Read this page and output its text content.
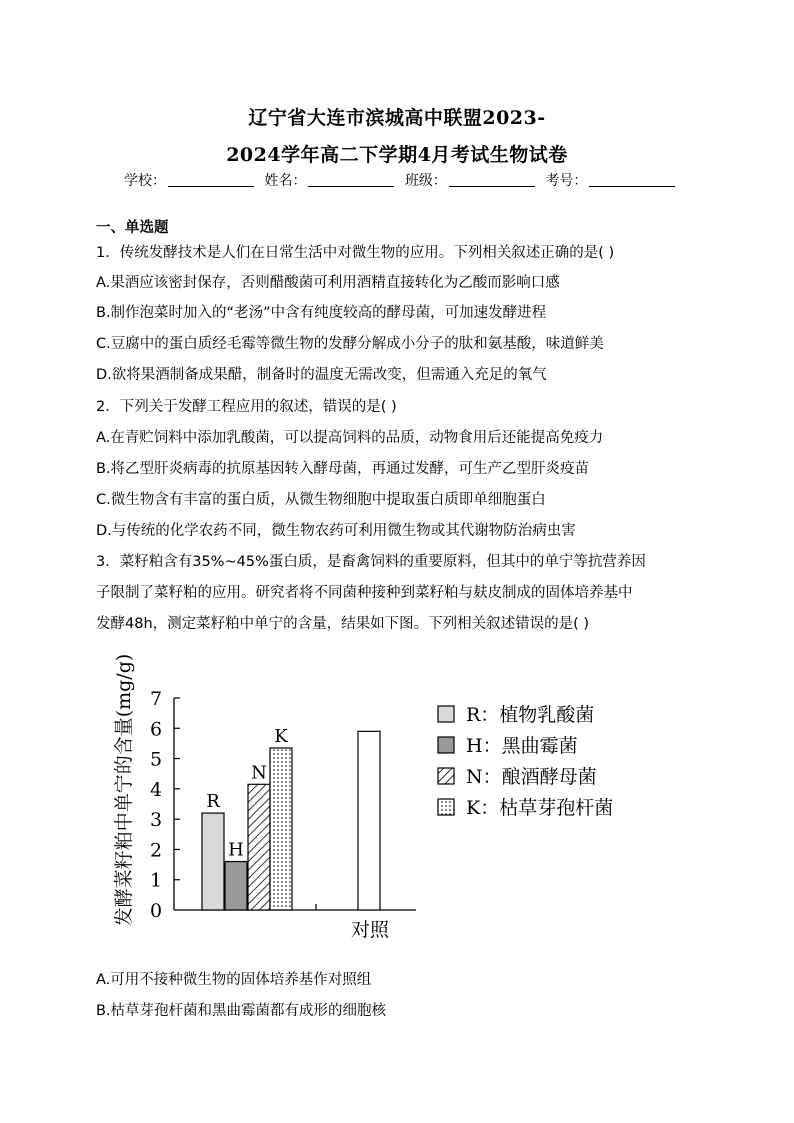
辽宁省大连市滨城高中联盟2023-
2024学年高二下学期4月考试生物试卷
学校：	姓名：	班级：	考号：
一、单选题
1．传统发酵技术是人们在日常生活中对微生物的应用。下列相关叙述正确的是( )
A.果酒应该密封保存，否则醋酸菌可利用酒精直接转化为乙酸而影响口感
B.制作泡菜时加入的“老汤”中含有纯度较高的酵母菌，可加速发酵进程
C.豆腐中的蛋白质经毛霉等微生物的发酵分解成小分子的肽和氨基酸，味道鲜美
D.欲将果酒制备成果醋，制备时的温度无需改变，但需通入充足的氧气
2．下列关于发酵工程应用的叙述，错误的是( )
A.在青贮饲料中添加乳酸菌，可以提高饲料的品质，动物食用后还能提高免疫力
B.将乙型肝炎病毒的抗原基因转入酵母菌，再通过发酵，可生产乙型肝炎疫苗
C.微生物含有丰富的蛋白质，从微生物细胞中提取蛋白质即单细胞蛋白
D.与传统的化学农药不同，微生物农药可利用微生物或其代谢物防治病虫害
3．菜籽粕含有35%~45%蛋白质，是畜禽饲料的重要原料，但其中的单宁等抗营养因
子限制了菜籽粕的应用。研究者将不同菌种接种到菜籽粕与麸皮制成的固体培养基中
发酵48h，测定菜籽粕中单宁的含量，结果如下图。下列相关叙述错误的是( )
发酵菜籽粕中单宁的含量(mg/g) 0
1
2
3
4
5
6
7
R
H
N
K
对照
R：植物乳酸菌
H：黑曲霉菌
N：酿酒酵母菌
K：枯草芽孢杆菌
A.可用不接种微生物的固体培养基作对照组
B.枯草芽孢杆菌和黑曲霉菌都有成形的细胞核
